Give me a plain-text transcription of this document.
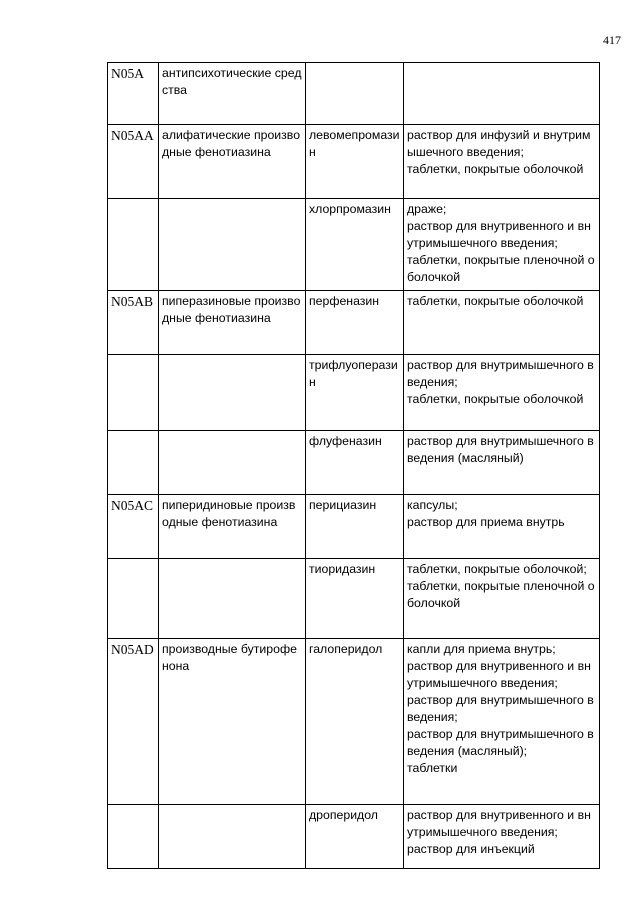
417
N05A	антипсихотические средства		
N05AA	алифатические производные фенотиазина	левомепромазин	раствор для инфузий и внутримышечного введения;
таблетки, покрытые оболочкой

		хлорпромазин	драже;
раствор для внутривенного и внутримышечного введения;
таблетки, покрытые пленочной оболочкой

N05AB	пиперазиновые производные фенотиазина	перфеназин	таблетки, покрытые оболочкой

		трифлуоперазин	раствор для внутримышечного введения;
таблетки, покрытые оболочкой

		флуфеназин	раствор для внутримышечного введения (масляный)

N05AC	пиперидиновые производные фенотиазина	перициазин	капсулы;
раствор для приема внутрь

		тиоридазин	таблетки, покрытые оболочкой;
таблетки, покрытые пленочной оболочкой

N05AD	производные бутирофенона	галоперидол	капли для приема внутрь;
раствор для внутривенного и внутримышечного введения;
раствор для внутримышечного введения;
раствор для внутримышечного введения (масляный);
таблетки

		дроперидол	раствор для внутривенного и внутримышечного введения;
раствор для инъекций
